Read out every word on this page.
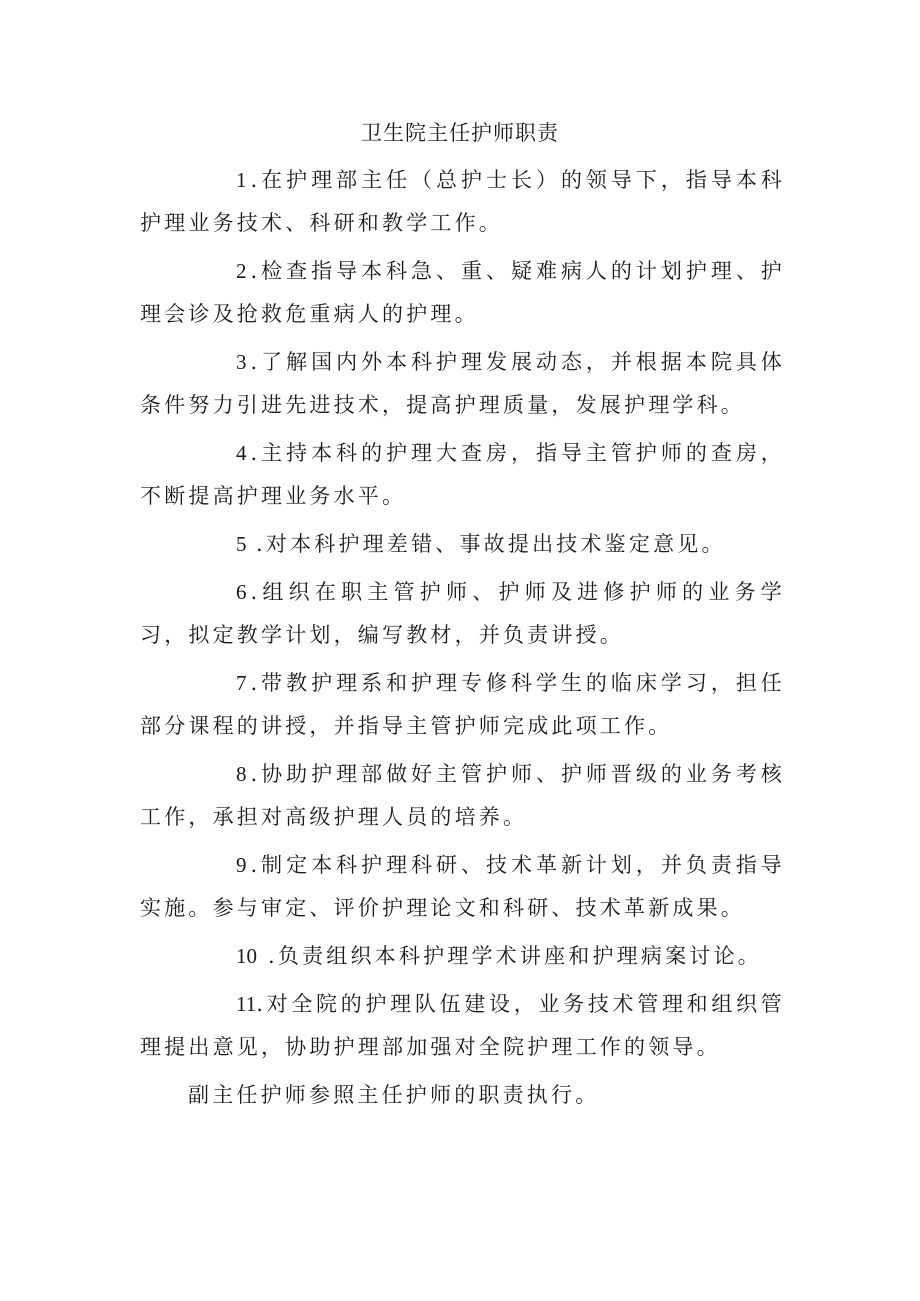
卫生院主任护师职责

1 .在护理部主任（总护士长）的领导下，指导本科护理业务技术、科研和教学工作。

2 .检查指导本科急、重、疑难病人的计划护理、护理会诊及抢救危重病人的护理。

3 .了解国内外本科护理发展动态，并根据本院具体条件努力引进先进技术，提高护理质量，发展护理学科。

4 .主持本科的护理大查房，指导主管护师的查房，不断提高护理业务水平。

5 .对本科护理差错、事故提出技术鉴定意见。

6 .组织在职主管护师、护师及进修护师的业务学习，拟定教学计划，编写教材，并负责讲授。

7 .带教护理系和护理专修科学生的临床学习，担任部分课程的讲授，并指导主管护师完成此项工作。

8 .协助护理部做好主管护师、护师晋级的业务考核工作，承担对高级护理人员的培养。

9 .制定本科护理科研、技术革新计划，并负责指导实施。参与审定、评价护理论文和科研、技术革新成果。

10 .负责组织本科护理学术讲座和护理病案讨论。

11.对全院的护理队伍建设，业务技术管理和组织管理提出意见，协助护理部加强对全院护理工作的领导。

副主任护师参照主任护师的职责执行。
